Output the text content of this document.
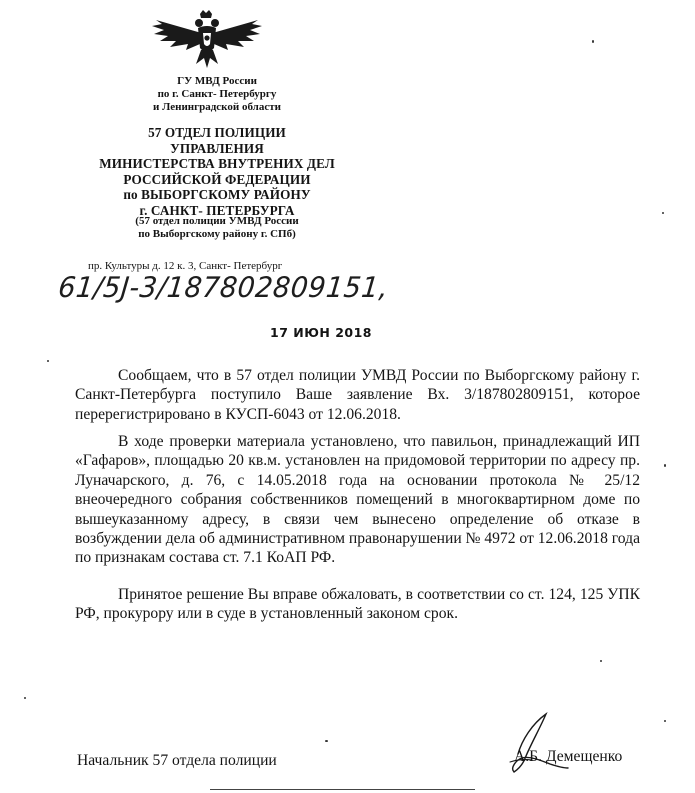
ГУ МВД России
по г. Санкт- Петербургу
и Ленинградской области
57 ОТДЕЛ ПОЛИЦИИ
УПРАВЛЕНИЯ
МИНИСТЕРСТВА ВНУТРЕНИХ ДЕЛ
РОССИЙСКОЙ ФЕДЕРАЦИИ
по ВЫБОРГСКОМУ РАЙОНУ
г. САНКТ- ПЕТЕРБУРГА
(57 отдел полиции УМВД России
по Выборгскому району г. СПб)
пр. Культуры д. 12 к. 3, Санкт- Петербург
61/5J-3/187802809151,
17 ИЮН 2018

Сообщаем, что в 57 отдел полиции УМВД России по Выборгскому району г. Санкт-Петербурга поступило Ваше заявление Вх. 3/187802809151, которое перерегистрировано в КУСП-6043 от 12.06.2018.

В ходе проверки материала установлено, что павильон, принадлежащий ИП «Гафаров», площадью 20 кв.м. установлен на придомовой территории по адресу пр. Луначарского, д. 76, с 14.05.2018 года на основании протокола № 25/12 внеочередного собрания собственников помещений в многоквартирном доме по вышеуказанному адресу, в связи чем вынесено определение об отказе в возбуждении дела об административном правонарушении № 4972 от 12.06.2018 года по признакам состава ст. 7.1 КоАП РФ.

Принятое решение Вы вправе обжаловать, в соответствии со ст. 124, 125 УПК РФ, прокурору или в суде в установленный законом срок.

Начальник 57 отдела полиции	А.Б. Демещенко
